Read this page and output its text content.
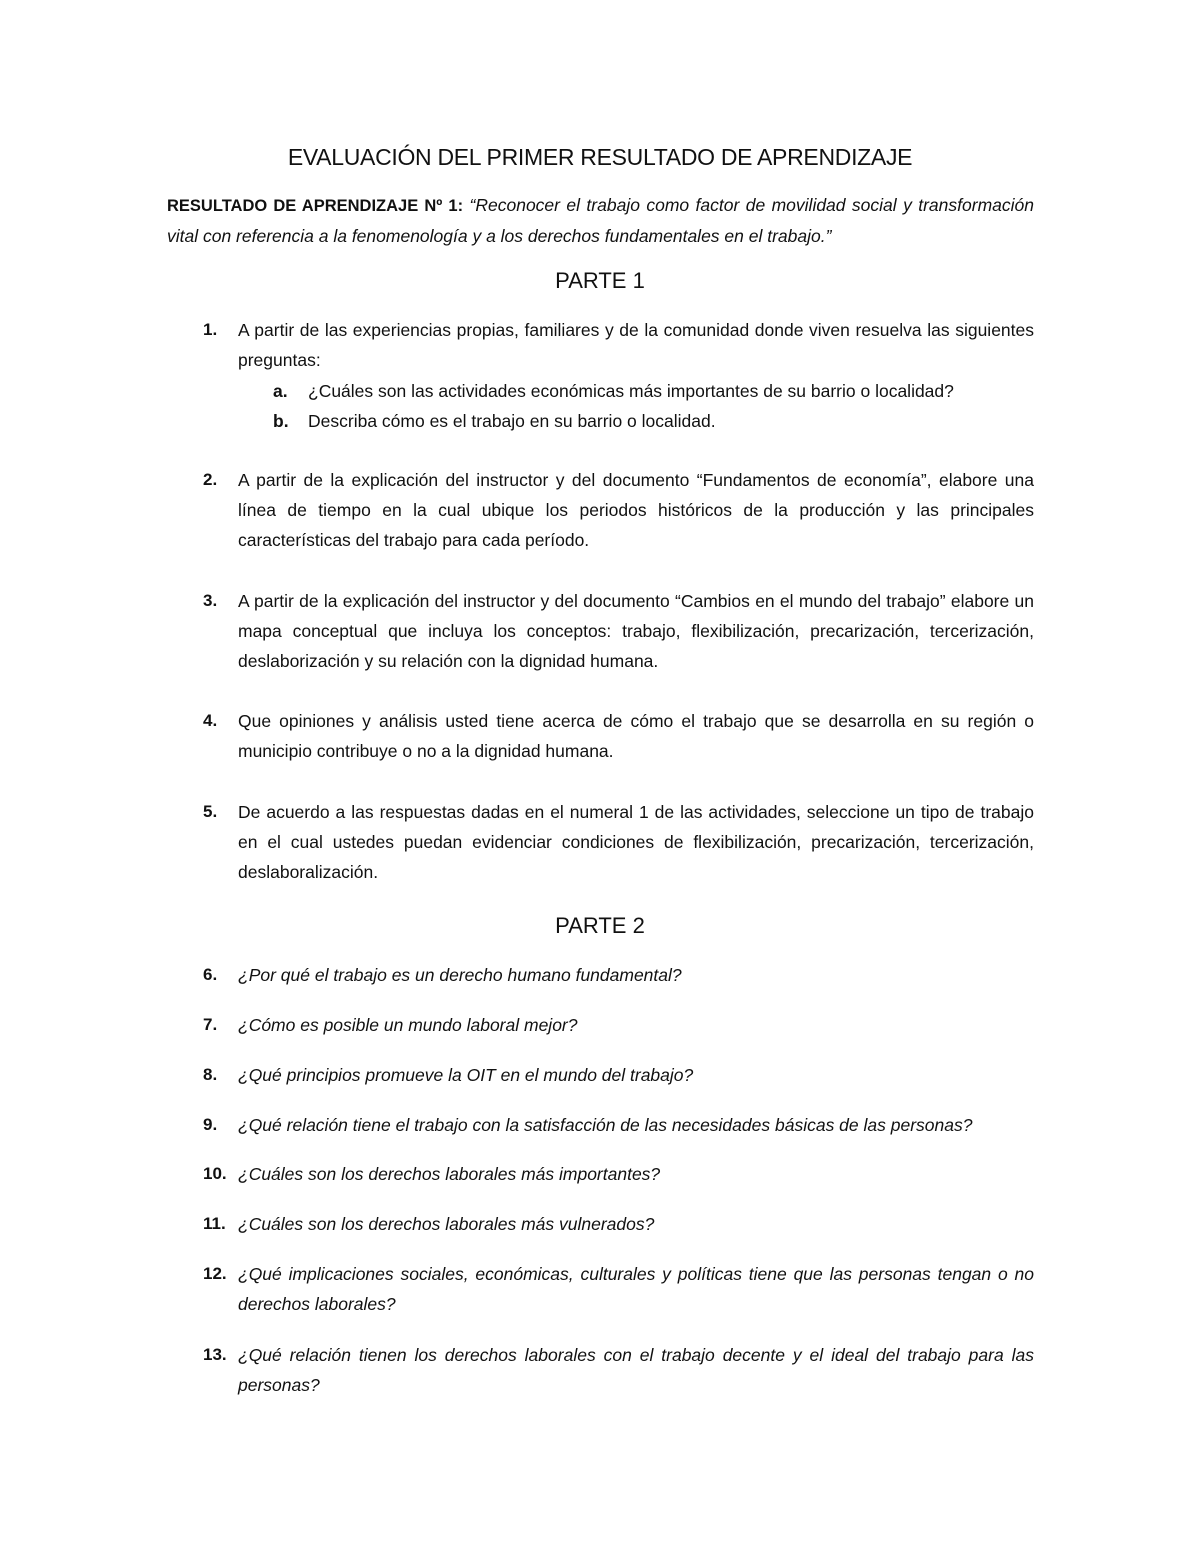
EVALUACIÓN DEL PRIMER RESULTADO DE APRENDIZAJE
RESULTADO DE APRENDIZAJE Nº 1: “Reconocer el trabajo como factor de movilidad social y transformación vital con referencia a la fenomenología y a los derechos fundamentales en el trabajo.”
PARTE 1
1. A partir de las experiencias propias, familiares y de la comunidad donde viven resuelva las siguientes preguntas:
a. ¿Cuáles son las actividades económicas más importantes de su barrio o localidad?
b. Describa cómo es el trabajo en su barrio o localidad.
2. A partir de la explicación del instructor y del documento “Fundamentos de economía”, elabore una línea de tiempo en la cual ubique los periodos históricos de la producción y las principales características del trabajo para cada período.
3. A partir de la explicación del instructor y del documento “Cambios en el mundo del trabajo” elabore un mapa conceptual que incluya los conceptos: trabajo, flexibilización, precarización, tercerización, deslaborización y su relación con la dignidad humana.
4. Que opiniones y análisis usted tiene acerca de cómo el trabajo que se desarrolla en su región o municipio contribuye o no a la dignidad humana.
5. De acuerdo a las respuestas dadas en el numeral 1 de las actividades, seleccione un tipo de trabajo en el cual ustedes puedan evidenciar condiciones de flexibilización, precarización, tercerización, deslaboralización.
PARTE 2
6. ¿Por qué el trabajo es un derecho humano fundamental?
7. ¿Cómo es posible un mundo laboral mejor?
8. ¿Qué principios promueve la OIT en el mundo del trabajo?
9. ¿Qué relación tiene el trabajo con la satisfacción de las necesidades básicas de las personas?
10. ¿Cuáles son los derechos laborales más importantes?
11. ¿Cuáles son los derechos laborales más vulnerados?
12. ¿Qué implicaciones sociales, económicas, culturales y políticas tiene que las personas tengan o no derechos laborales?
13. ¿Qué relación tienen los derechos laborales con el trabajo decente y el ideal del trabajo para las personas?
